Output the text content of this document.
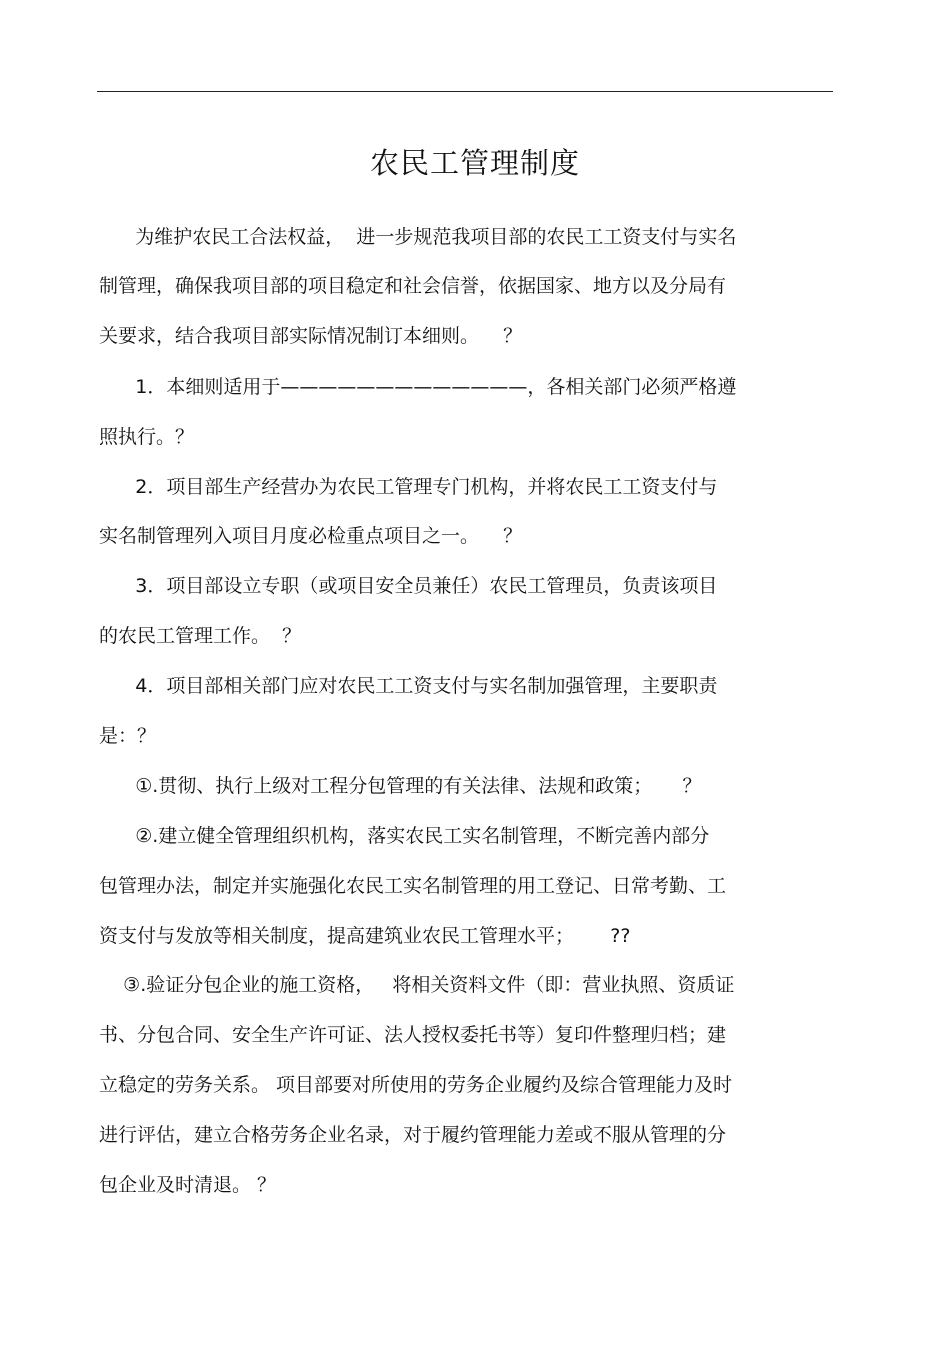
农民工管理制度

为维护农民工合法权益，  进一步规范我项目部的农民工工资支付与实名

制管理，确保我项目部的项目稳定和社会信誉，依据国家、地方以及分局有

关要求，结合我项目部实际情况制订本细则。    ？

1．本细则适用于—————————————，各相关部门必须严格遵

照执行。？

2．项目部生产经营办为农民工管理专门机构，并将农民工工资支付与

实名制管理列入项目月度必检重点项目之一。    ？

3．项目部设立专职（或项目安全员兼任）农民工管理员，负责该项目

的农民工管理工作。  ？

4．项目部相关部门应对农民工工资支付与实名制加强管理，主要职责

是：？

①.贯彻、执行上级对工程分包管理的有关法律、法规和政策；     ？

②.建立健全管理组织机构，落实农民工实名制管理，不断完善内部分

包管理办法，制定并实施强化农民工实名制管理的用工登记、日常考勤、工

资支付与发放等相关制度，提高建筑业农民工管理水平；      ??

③.验证分包企业的施工资格，   将相关资料文件（即：营业执照、资质证

书、分包合同、安全生产许可证、法人授权委托书等）复印件整理归档；建

立稳定的劳务关系。 项目部要对所使用的劳务企业履约及综合管理能力及时

进行评估，建立合格劳务企业名录，对于履约管理能力差或不服从管理的分

包企业及时清退。 ？
